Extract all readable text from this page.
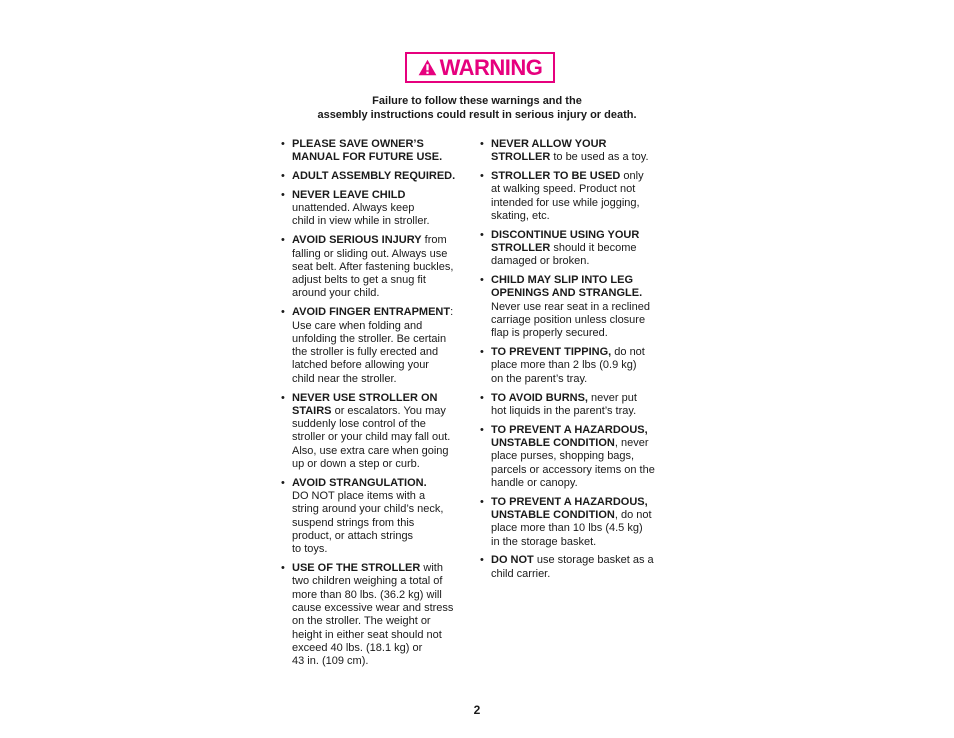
WARNING
Failure to follow these warnings and the
assembly instructions could result in serious injury or death.
• PLEASE SAVE OWNER’S
MANUAL FOR FUTURE USE.
• ADULT ASSEMBLY REQUIRED.
• NEVER LEAVE CHILD
unattended. Always keep
child in view while in stroller.
• AVOID SERIOUS INJURY from
falling or sliding out. Always use
seat belt. After fastening buckles,
adjust belts to get a snug fit
around your child.
• AVOID FINGER ENTRAPMENT:
Use care when folding and
unfolding the stroller. Be certain
the stroller is fully erected and
latched before allowing your
child near the stroller.
• NEVER USE STROLLER ON
STAIRS or escalators. You may
suddenly lose control of the
stroller or your child may fall out.
Also, use extra care when going
up or down a step or curb.
• AVOID STRANGULATION.
DO NOT place items with a
string around your child’s neck,
suspend strings from this
product, or attach strings
to toys.
• USE OF THE STROLLER with
two children weighing a total of
more than 80 lbs. (36.2 kg) will
cause excessive wear and stress
on the stroller. The weight or
height in either seat should not
exceed 40 lbs. (18.1 kg) or
43 in. (109 cm).
• NEVER ALLOW YOUR
STROLLER to be used as a toy.
• STROLLER TO BE USED only
at walking speed. Product not
intended for use while jogging,
skating, etc.
• DISCONTINUE USING YOUR
STROLLER should it become
damaged or broken.
• CHILD MAY SLIP INTO LEG
OPENINGS AND STRANGLE.
Never use rear seat in a reclined
carriage position unless closure
flap is properly secured.
• TO PREVENT TIPPING, do not
place more than 2 lbs (0.9 kg)
on the parent’s tray.
• TO AVOID BURNS, never put
hot liquids in the parent’s tray.
• TO PREVENT A HAZARDOUS,
UNSTABLE CONDITION, never
place purses, shopping bags,
parcels or accessory items on the
handle or canopy.
• TO PREVENT A HAZARDOUS,
UNSTABLE CONDITION, do not
place more than 10 lbs (4.5 kg)
in the storage basket.
• DO NOT use storage basket as a
child carrier.
2
